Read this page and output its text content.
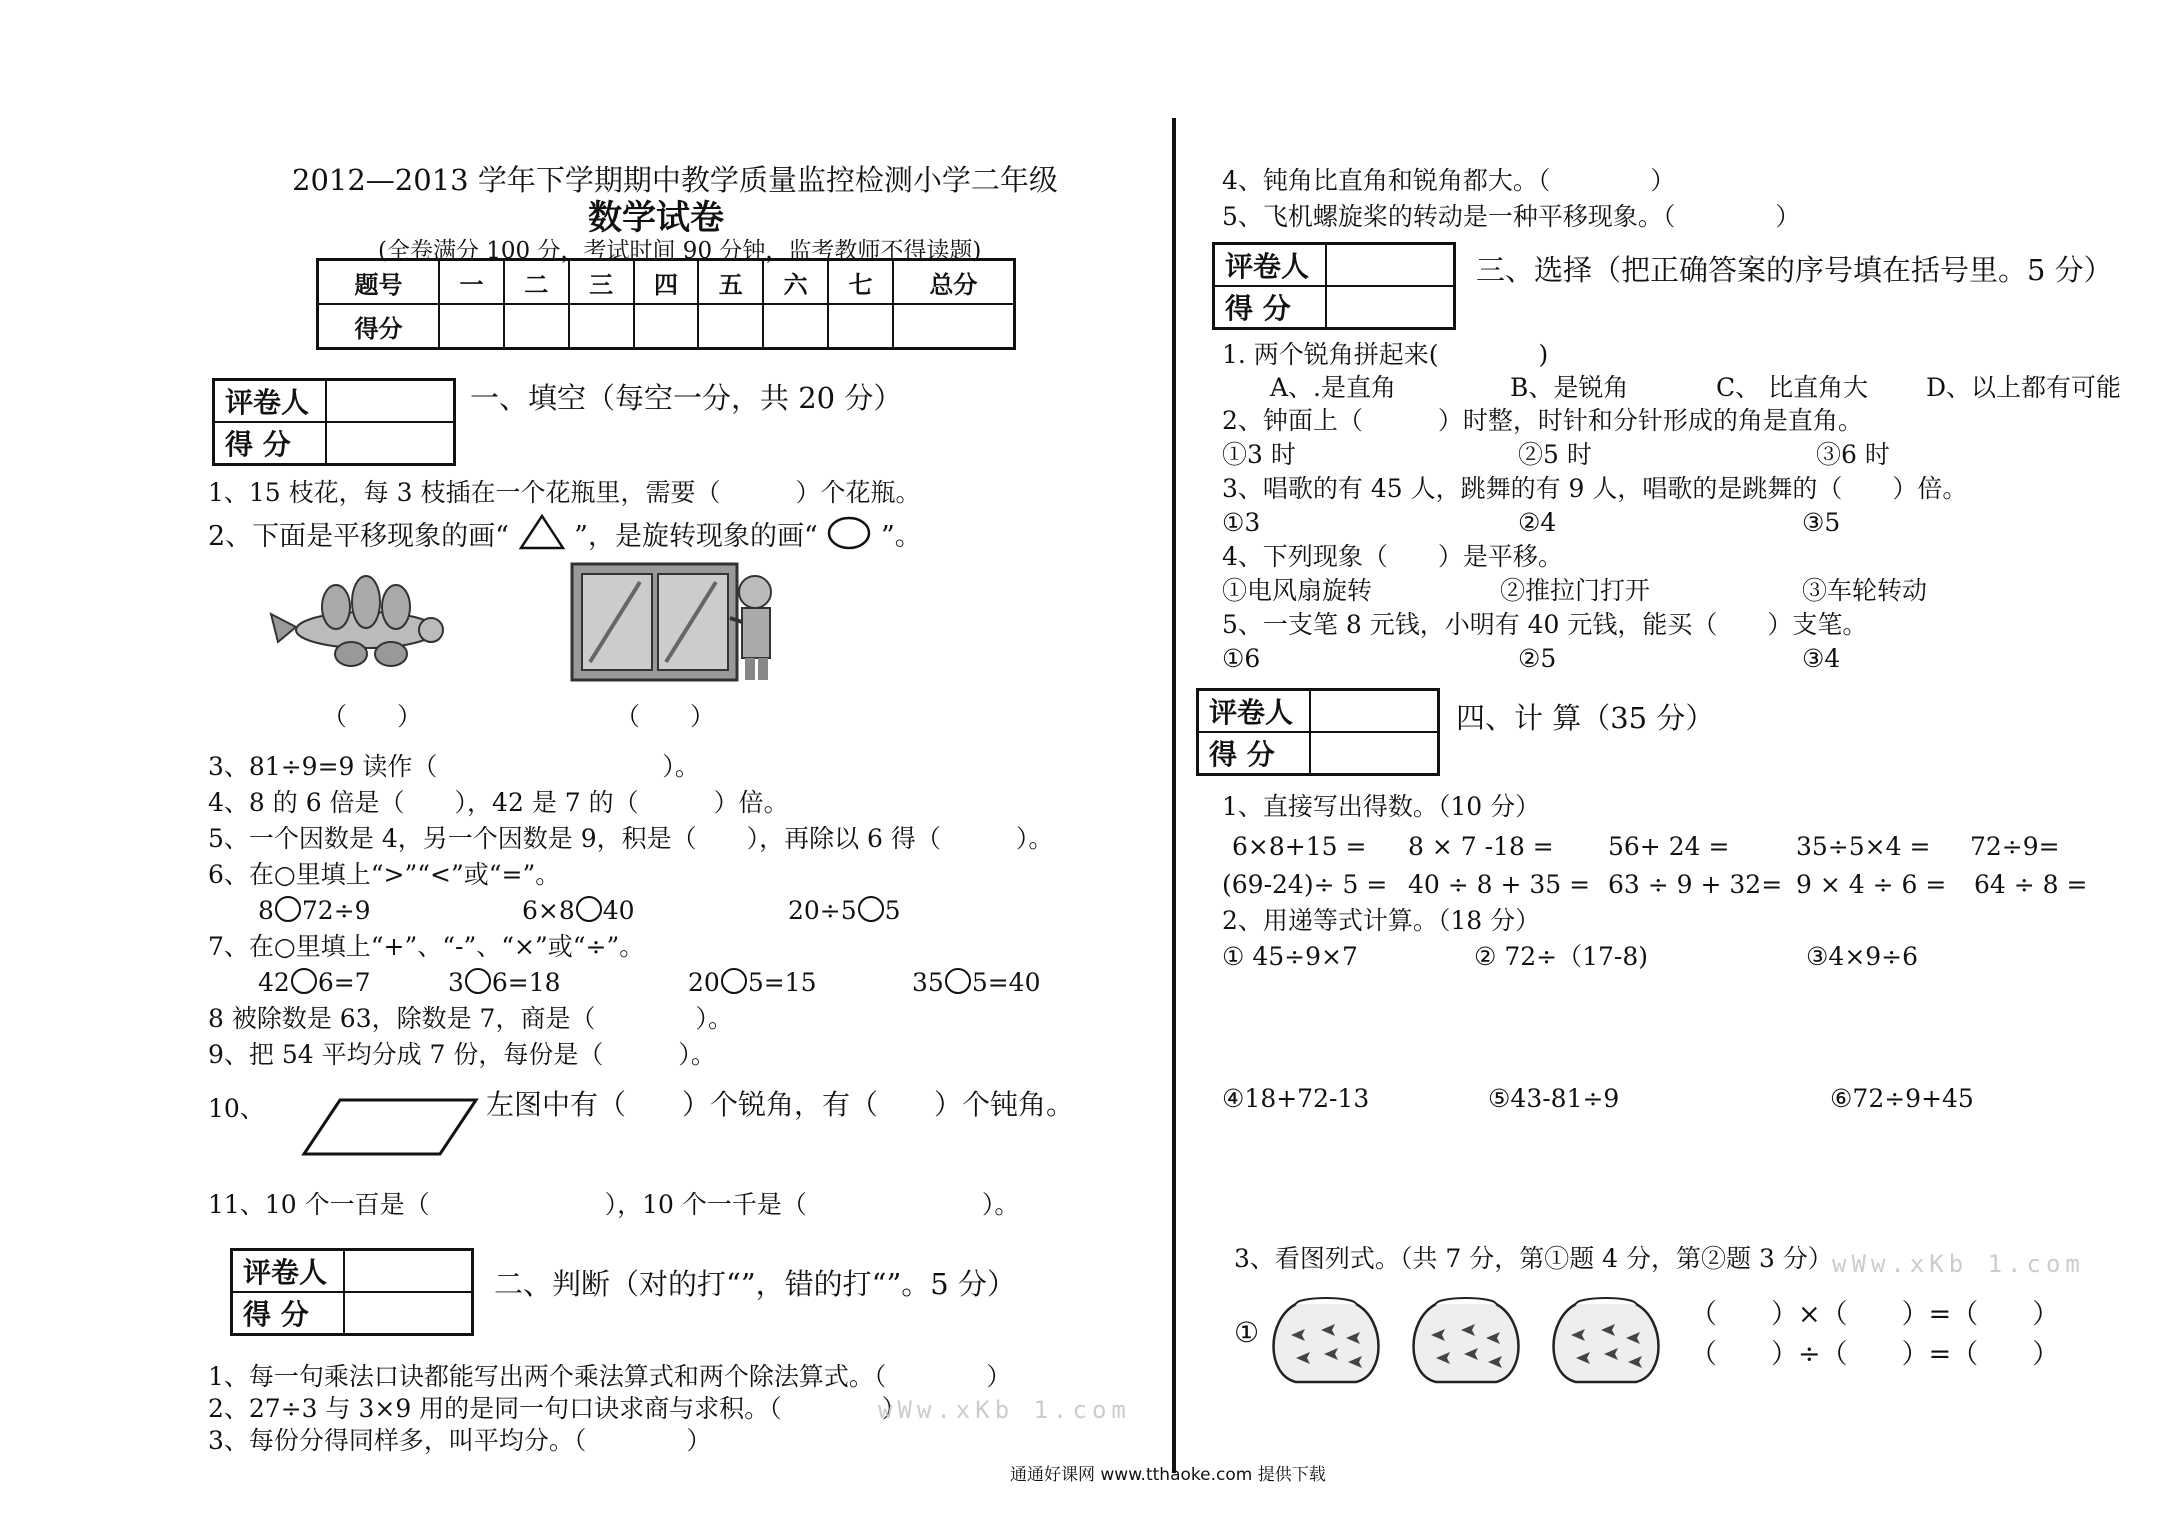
2012—2013 学年下学期期中教学质量监控检测小学二年级
数学试卷
(全卷满分 100 分，考试时间 90 分钟，监考教师不得读题)
题号	一	二	三	四	五	六	七	总分
得分								
评卷人	
得 分	
一、填空（每空一分，共 20 分）
1、15 枝花，每 3 枝插在一个花瓶里，需要（　　　）个花瓶。
2、下面是平移现象的画“ ”，是旋转现象的画“ ”。
（　　）	（　　）
3、81÷9=9 读作（　　　　　　　　　）。
4、8 的 6 倍是（　　），42 是 7 的（　　　）倍。
5、一个因数是 4，另一个因数是 9，积是（　　），再除以 6 得（　　　）。
6、在○里填上“>”“<”或“=”。
8 72÷9	6×8 40	20÷5 5
7、在○里填上“+”、“-”、“×”或“÷”。
42 6=7	3 6=18	20 5=15	35 5=40
8 被除数是 63，除数是 7，商是（　　　　）。
9、把 54 平均分成 7 份，每份是（　　　）。
10、	左图中有（　　）个锐角，有（　　）个钝角。
11、10 个一百是（　　　　　　　），10 个一千是（　　　　　　　）。
评卷人	
得 分	
二、判断（对的打“”，错的打“”。5 分）
1、每一句乘法口诀都能写出两个乘法算式和两个除法算式。（　　　　）
2、27÷3 与 3×9 用的是同一句口诀求商与求积。（　　　　）
wWw.xKb 1.com
3、每份分得同样多，叫平均分。（　　　　）
4、钝角比直角和锐角都大。（　　　　）
5、飞机螺旋桨的转动是一种平移现象。（　　　　）
评卷人	
得 分	
三、选择（把正确答案的序号填在括号里。5 分）
1. 两个锐角拼起来(　　　　)
A、.是直角	B、是锐角	C、 比直角大 D、以上都有可能
2、钟面上（　　　）时整，时针和分针形成的角是直角。
①3 时	②5 时	③6 时
3、唱歌的有 45 人，跳舞的有 9 人，唱歌的是跳舞的（　　）倍。
①3	②4	③5
4、下列现象（　　）是平移。
①电风扇旋转	②推拉门打开	③车轮转动
5、一支笔 8 元钱，小明有 40 元钱，能买（　　）支笔。
①6	②5	③4
评卷人	
得 分	
四、计 算（35 分）
1、直接写出得数。（10 分）
6×8+15 = 8 × 7 -18 = 56+ 24 =	35÷5×4 = 72÷9=
(69-24)÷ 5 = 40 ÷ 8 + 35 = 63 ÷ 9 + 32= 9 × 4 ÷ 6 = 64 ÷ 8 =
2、用递等式计算。（18 分）
① 45÷9×7	② 72÷（17-8)	③4×9÷6
④18+72-13	⑤43-81÷9	⑥72÷9+45
3、看图列式。（共 7 分，第①题 4 分，第②题 3 分） wWw.xKb 1.com
①
（　　）×（　　）=（　　）
（　　）÷（　　）=（　　）
通通好课网 www.tthaoke.com 提供下载
